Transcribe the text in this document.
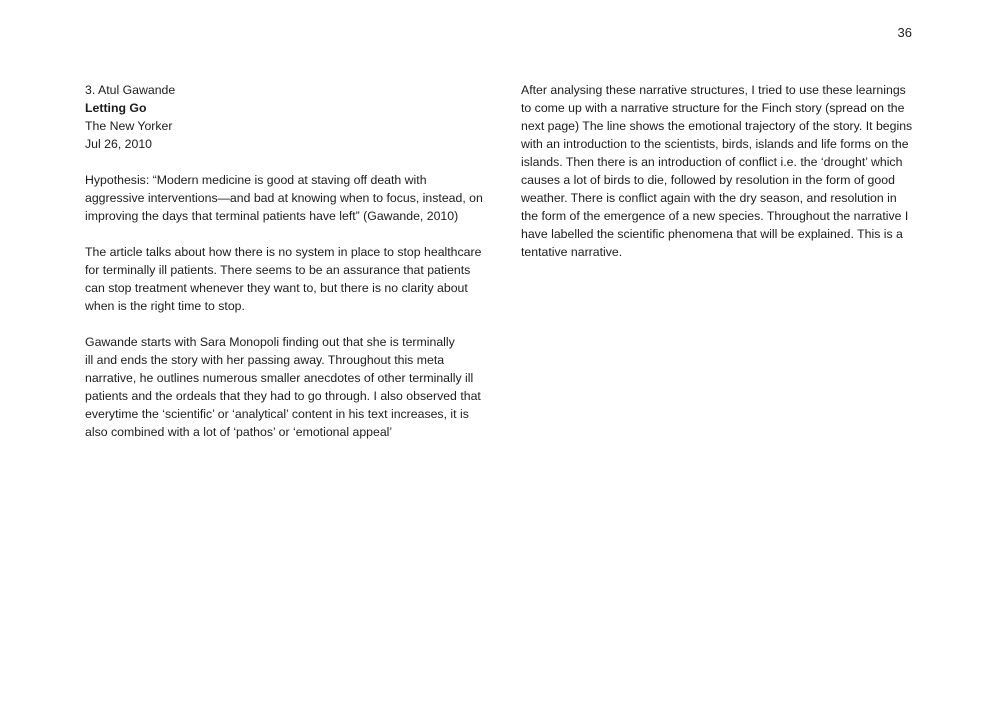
36
3. Atul Gawande
Letting Go
The New Yorker
Jul 26, 2010
Hypothesis: “Modern medicine is good at staving off death with
aggressive interventions—and bad at knowing when to focus, instead, on
improving the days that terminal patients have left” (Gawande, 2010)
The article talks about how there is no system in place to stop healthcare
for terminally ill patients. There seems to be an assurance that patients
can stop treatment whenever they want to, but there is no clarity about
when is the right time to stop.
Gawande starts with Sara Monopoli finding out that she is terminally
ill and ends the story with her passing away. Throughout this meta
narrative, he outlines numerous smaller anecdotes of other terminally ill
patients and the ordeals that they had to go through. I also observed that
everytime the ‘scientific’ or ‘analytical’ content in his text increases, it is
also combined with a lot of ‘pathos’ or ‘emotional appeal’
After analysing these narrative structures, I tried to use these learnings
to come up with a narrative structure for the Finch story (spread on the
next page) The line shows the emotional trajectory of the story. It begins
with an introduction to the scientists, birds, islands and life forms on the
islands. Then there is an introduction of conflict i.e. the ‘drought’ which
causes a lot of birds to die, followed by resolution in the form of good
weather. There is conflict again with the dry season, and resolution in
the form of the emergence of a new species. Throughout the narrative I
have labelled the scientific phenomena that will be explained. This is a
tentative narrative.
